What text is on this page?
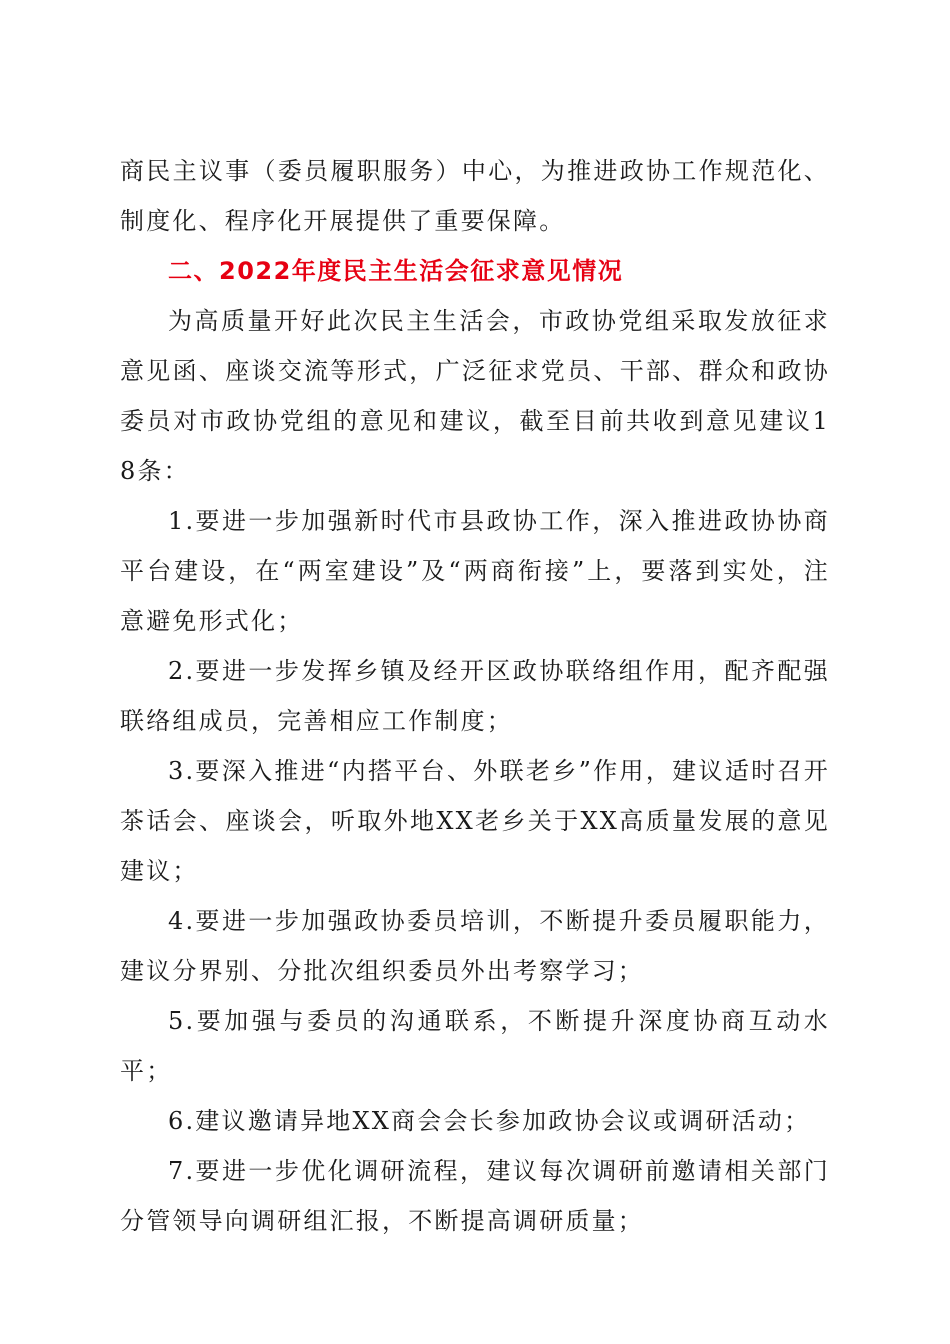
商民主议事（委员履职服务）中心，为推进政协工作规范化、制度化、程序化开展提供了重要保障。

二、2022年度民主生活会征求意见情况

为高质量开好此次民主生活会，市政协党组采取发放征求意见函、座谈交流等形式，广泛征求党员、干部、群众和政协委员对市政协党组的意见和建议，截至目前共收到意见建议18条：

1.要进一步加强新时代市县政协工作，深入推进政协协商平台建设，在“两室建设”及“两商衔接”上，要落到实处，注意避免形式化；

2.要进一步发挥乡镇及经开区政协联络组作用，配齐配强联络组成员，完善相应工作制度；

3.要深入推进“内搭平台、外联老乡”作用，建议适时召开茶话会、座谈会，听取外地XX老乡关于XX高质量发展的意见建议；

4.要进一步加强政协委员培训，不断提升委员履职能力，建议分界别、分批次组织委员外出考察学习；

5.要加强与委员的沟通联系，不断提升深度协商互动水平；

6.建议邀请异地XX商会会长参加政协会议或调研活动；

7.要进一步优化调研流程，建议每次调研前邀请相关部门分管领导向调研组汇报，不断提高调研质量；
